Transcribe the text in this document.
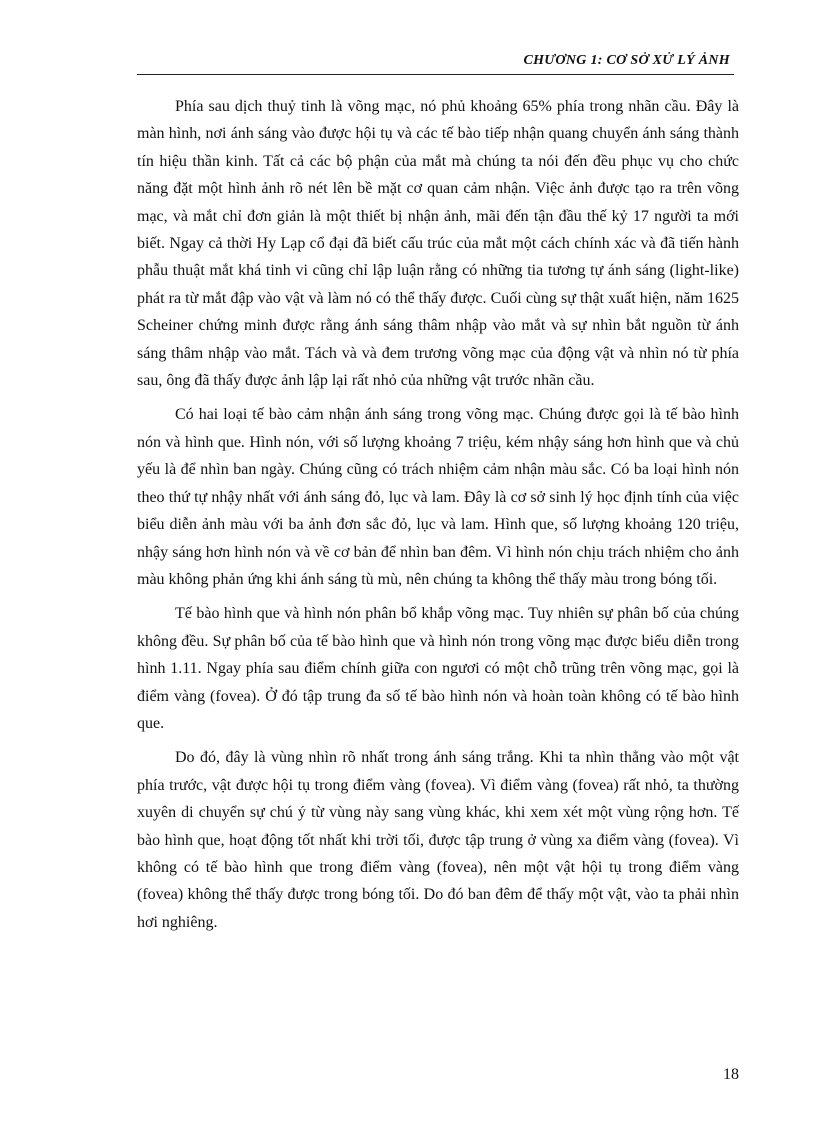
CHƯƠNG 1: CƠ SỞ XỬ LÝ ẢNH

Phía sau dịch thuỷ tinh là võng mạc, nó phủ khoảng 65% phía trong nhãn cầu. Đây là màn hình, nơi ánh sáng vào được hội tụ và các tế bào tiếp nhận quang chuyển ánh sáng thành tín hiệu thần kinh. Tất cả các bộ phận của mắt mà chúng ta nói đến đều phục vụ cho chức năng đặt một hình ảnh rõ nét lên bề mặt cơ quan cảm nhận. Việc ảnh được tạo ra trên võng mạc, và mắt chỉ đơn giản là một thiết bị nhận ảnh, mãi đến tận đầu thế kỷ 17 người ta mới biết. Ngay cả thời Hy Lạp cổ đại đã biết cấu trúc của mắt một cách chính xác và đã tiến hành phẫu thuật mắt khá tinh vi cũng chỉ lập luận rằng có những tia tương tự ánh sáng (light-like) phát ra từ mắt đập vào vật và làm nó có thể thấy được. Cuối cùng sự thật xuất hiện, năm 1625 Scheiner chứng minh được rằng ánh sáng thâm nhập vào mắt và sự nhìn bắt nguồn từ ánh sáng thâm nhập vào mắt. Tách và và đem trương võng mạc của động vật và nhìn nó từ phía sau, ông đã thấy được ảnh lập lại rất nhỏ của những vật trước nhãn cầu.

Có hai loại tế bào cảm nhận ánh sáng trong võng mạc. Chúng được gọi là tế bào hình nón và hình que. Hình nón, với số lượng khoảng 7 triệu, kém nhậy sáng hơn hình que và chủ yếu là để nhìn ban ngày. Chúng cũng có trách nhiệm cảm nhận màu sắc. Có ba loại hình nón theo thứ tự nhậy nhất với ánh sáng đỏ, lục và lam. Đây là cơ sở sinh lý học định tính của việc biểu diễn ảnh màu với ba ảnh đơn sắc đỏ, lục và lam. Hình que, số lượng khoảng 120 triệu, nhậy sáng hơn hình nón và về cơ bản để nhìn ban đêm. Vì hình nón chịu trách nhiệm cho ảnh màu không phản ứng khi ánh sáng tù mù, nên chúng ta không thể thấy màu trong bóng tối.

Tế bào hình que và hình nón phân bổ khắp võng mạc. Tuy nhiên sự phân bố của chúng không đều. Sự phân bố của tế bào hình que và hình nón trong võng mạc được biểu diễn trong hình 1.11. Ngay phía sau điểm chính giữa con ngươi có một chỗ trũng trên võng mạc, gọi là điểm vàng (fovea). Ở đó tập trung đa số tế bào hình nón và hoàn toàn không có tế bào hình que.

Do đó, đây là vùng nhìn rõ nhất trong ánh sáng trắng. Khi ta nhìn thẳng vào một vật phía trước, vật được hội tụ trong điểm vàng (fovea). Vì điểm vàng (fovea) rất nhỏ, ta thường xuyên di chuyển sự chú ý từ vùng này sang vùng khác, khi xem xét một vùng rộng hơn. Tế bào hình que, hoạt động tốt nhất khi trời tối, được tập trung ở vùng xa điểm vàng (fovea). Vì không có tế bào hình que trong điểm vàng (fovea), nên một vật hội tụ trong điểm vàng (fovea) không thể thấy được trong bóng tối. Do đó ban đêm để thấy một vật, vào ta phải nhìn hơi nghiêng.

18
